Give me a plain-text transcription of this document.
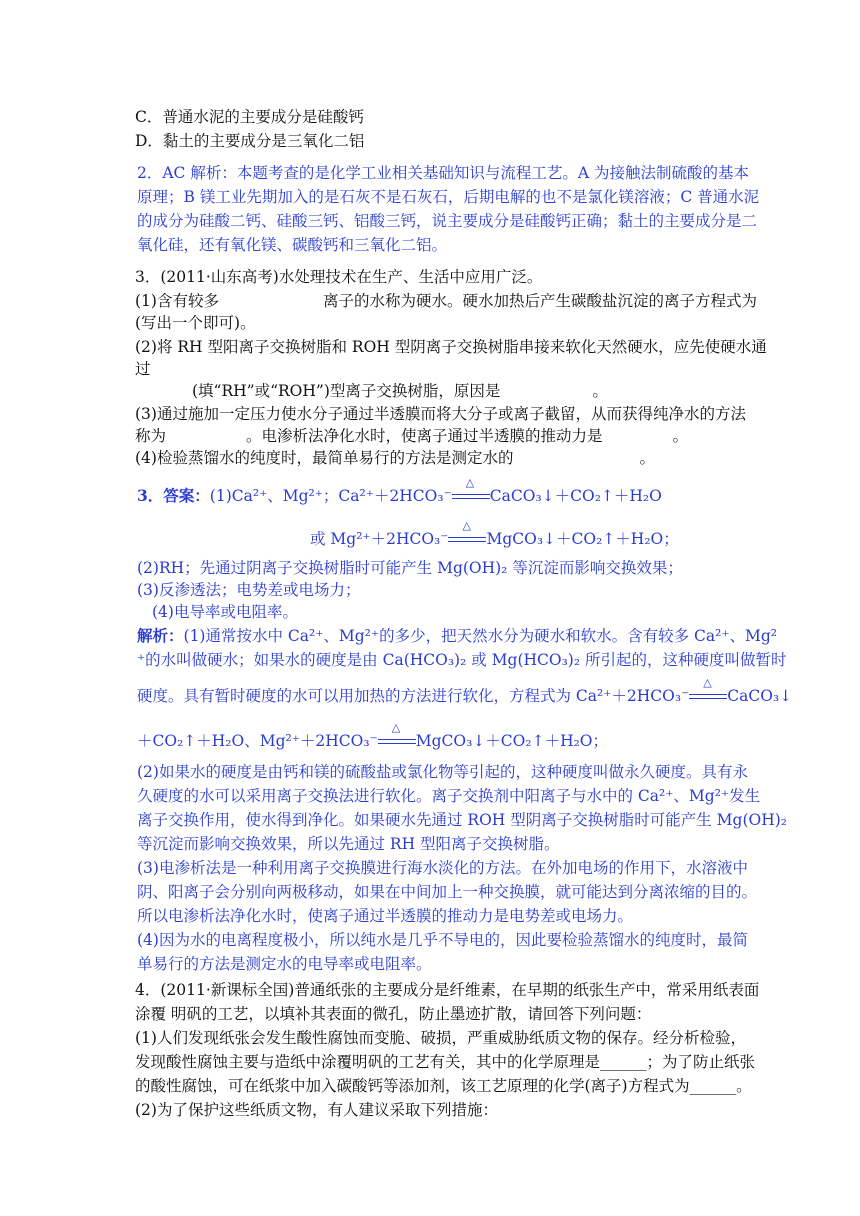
C．普通水泥的主要成分是硅酸钙
D．黏土的主要成分是三氧化二铝
2．AC 解析：本题考查的是化学工业相关基础知识与流程工艺。A 为接触法制硫酸的基本
原理；B 镁工业先期加入的是石灰不是石灰石，后期电解的也不是氯化镁溶液；C 普通水泥
的成分为硅酸二钙、硅酸三钙、铝酸三钙，说主要成分是硅酸钙正确；黏土的主要成分是二
氧化硅，还有氧化镁、碳酸钙和三氧化二铝。
3．(2011·山东高考)水处理技术在生产、生活中应用广泛。
(1)含有较多	离子的水称为硬水。硬水加热后产生碳酸盐沉淀的离子方程式为
(写出一个即可)。
(2)将 RH 型阳离子交换树脂和 ROH 型阴离子交换树脂串接来软化天然硬水，应先使硬水通
过
(填“RH”或“ROH”)型离子交换树脂，原因是	。
(3)通过施加一定压力使水分子通过半透膜而将大分子或离子截留，从而获得纯净水的方法
称为	。电渗析法净化水时，使离子通过半透膜的推动力是	。
(4)检验蒸馏水的纯度时，最简单易行的方法是测定水的	。
3．答案：(1)Ca²⁺、Mg²⁺；Ca²⁺＋2HCO₃⁻
△
CaCO₃↓＋CO₂↑＋H₂O
或 Mg²⁺＋2HCO₃⁻
△
MgCO₃↓＋CO₂↑＋H₂O；
(2)RH；先通过阴离子交换树脂时可能产生 Mg(OH)₂ 等沉淀而影响交换效果；
(3)反渗透法；电势差或电场力；
(4)电导率或电阻率。
解析：(1)通常按水中 Ca²⁺、Mg²⁺的多少，把天然水分为硬水和软水。含有较多 Ca²⁺、Mg²
⁺的水叫做硬水；如果水的硬度是由 Ca(HCO₃)₂ 或 Mg(HCO₃)₂ 所引起的，这种硬度叫做暂时
硬度。具有暂时硬度的水可以用加热的方法进行软化，方程式为 Ca²⁺＋2HCO₃⁻
△
CaCO₃↓
＋CO₂↑＋H₂O、Mg²⁺＋2HCO₃⁻
△
MgCO₃↓＋CO₂↑＋H₂O；
(2)如果水的硬度是由钙和镁的硫酸盐或氯化物等引起的，这种硬度叫做永久硬度。具有永
久硬度的水可以采用离子交换法进行软化。离子交换剂中阳离子与水中的 Ca²⁺、Mg²⁺发生
离子交换作用，使水得到净化。如果硬水先通过 ROH 型阴离子交换树脂时可能产生 Mg(OH)₂
等沉淀而影响交换效果，所以先通过 RH 型阳离子交换树脂。
(3)电渗析法是一种利用离子交换膜进行海水淡化的方法。在外加电场的作用下，水溶液中
阴、阳离子会分别向两极移动，如果在中间加上一种交换膜，就可能达到分离浓缩的目的。
所以电渗析法净化水时，使离子通过半透膜的推动力是电势差或电场力。
(4)因为水的电离程度极小，所以纯水是几乎不导电的，因此要检验蒸馏水的纯度时，最简
单易行的方法是测定水的电导率或电阻率。
4．(2011·新课标全国)普通纸张的主要成分是纤维素，在早期的纸张生产中，常采用纸表面
涂覆 明矾的工艺，以填补其表面的微孔，防止墨迹扩散，请回答下列问题：
(1)人们发现纸张会发生酸性腐蚀而变脆、破损，严重威胁纸质文物的保存。经分析检验，
发现酸性腐蚀主要与造纸中涂覆明矾的工艺有关，其中的化学原理是______；为了防止纸张
的酸性腐蚀，可在纸浆中加入碳酸钙等添加剂，该工艺原理的化学(离子)方程式为______。
(2)为了保护这些纸质文物，有人建议采取下列措施：
